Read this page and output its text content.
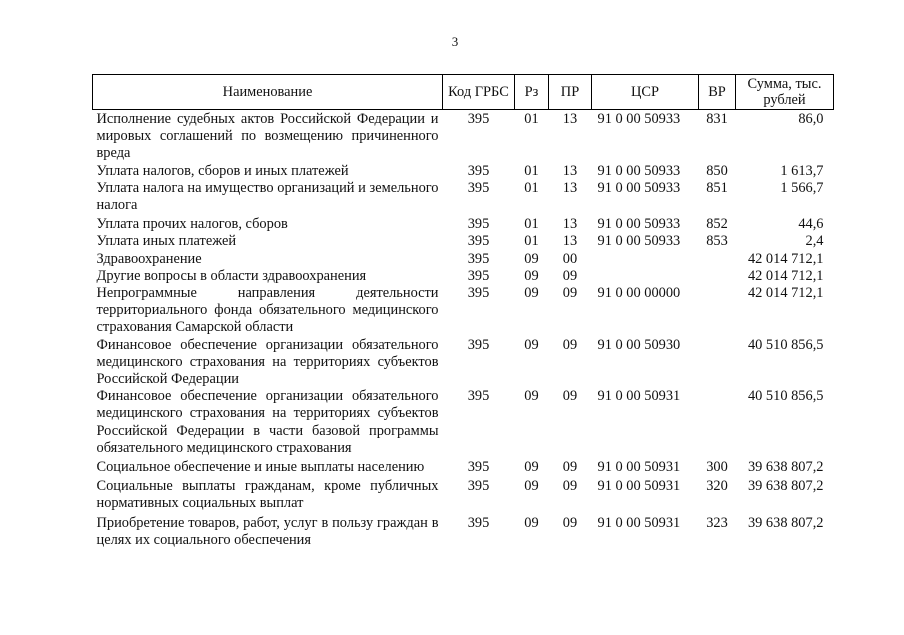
3
Наименование	Код ГРБС	Рз	ПР	ЦСР	ВР	Сумма, тыс. рублей
Исполнение судебных актов Российской Федерации и мировых соглашений по возмещению причиненного вреда	395	01	13	91 0 00 50933	831	86,0
Уплата налогов, сборов и иных платежей	395	01	13	91 0 00 50933	850	1 613,7
Уплата налога на имущество организаций и земельного налога	395	01	13	91 0 00 50933	851	1 566,7
Уплата прочих налогов, сборов	395	01	13	91 0 00 50933	852	44,6
Уплата иных платежей	395	01	13	91 0 00 50933	853	2,4
Здравоохранение	395	09	00			42 014 712,1
Другие вопросы в области здравоохранения	395	09	09			42 014 712,1
Непрограммные направления деятельности территориального фонда обязательного медицинского страхования Самарской области	395	09	09	91 0 00 00000		42 014 712,1
Финансовое обеспечение организации обязательного медицинского страхования на территориях субъектов Российской Федерации	395	09	09	91 0 00 50930		40 510 856,5
Финансовое обеспечение организации обязательного медицинского страхования на территориях субъектов Российской Федерации в части базовой программы обязательного медицинского страхования	395	09	09	91 0 00 50931		40 510 856,5
Социальное обеспечение и иные выплаты населению	395	09	09	91 0 00 50931	300	39 638 807,2
Социальные выплаты гражданам, кроме публичных нормативных социальных выплат	395	09	09	91 0 00 50931	320	39 638 807,2
Приобретение товаров, работ, услуг в пользу граждан в целях их социального обеспечения	395	09	09	91 0 00 50931	323	39 638 807,2
